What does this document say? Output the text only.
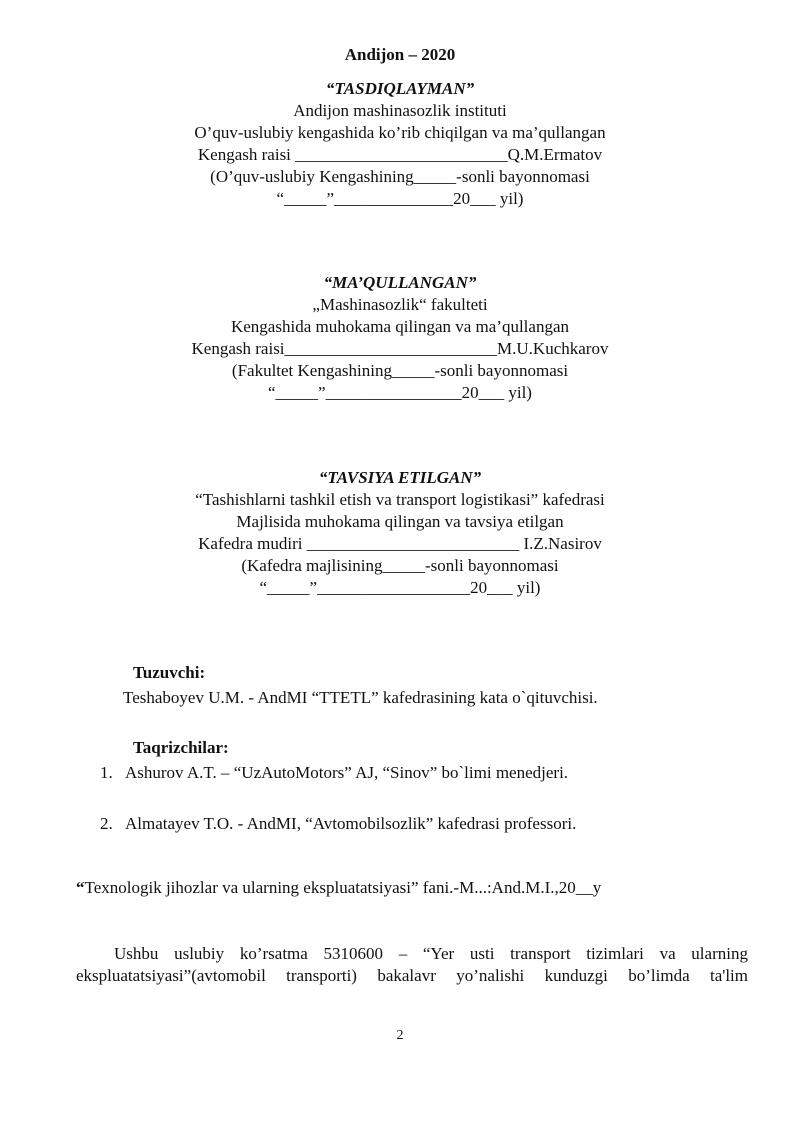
Andijon – 2020
“TASDIQLAYMAN”
Andijon mashinasozlik instituti
O’quv-uslubiy kengashida ko’rib chiqilgan va ma’qullangan
Kengash raisi _________________________Q.M.Ermatov
(O’quv-uslubiy Kengashining_____-sonli bayonnomasi
“_____”______________20___ yil)
“MA’QULLANGAN”
„Mashinasozlik“ fakulteti
Kengashida muhokama qilingan va ma’qullangan
Kengash raisi_________________________M.U.Kuchkarov
(Fakultet Kengashining_____-sonli bayonnomasi
“_____”________________20___ yil)
“TAVSIYA ETILGAN”
“Tashishlarni tashkil etish va transport logistikasi” kafedrasi
Majlisida muhokama qilingan va tavsiya etilgan
Kafedra mudiri _________________________ I.Z.Nasirov
(Kafedra majlisining_____-sonli bayonnomasi
“_____”__________________20___ yil)
Tuzuvchi:
Teshaboyev U.M. - AndMI “TTETL” kafedrasining kata o`qituvchisi.
Taqrizchilar:
1. Ashurov A.T. – “UzAutoMotors” AJ, “Sinov” bo`limi menedjeri.
2. Almatayev T.O. - AndMI, “Avtomobilsozlik” kafedrasi professori.
“Texnologik jihozlar va ularning ekspluatatsiyasi” fani.-M...:And.M.I.,20__y
Ushbu uslubiy ko’rsatma 5310600 – “Yer usti transport tizimlari va ularning
ekspluatatsiyasi”(avtomobil transporti) bakalavr yo’nalishi kunduzgi bo’limda ta'lim
2
